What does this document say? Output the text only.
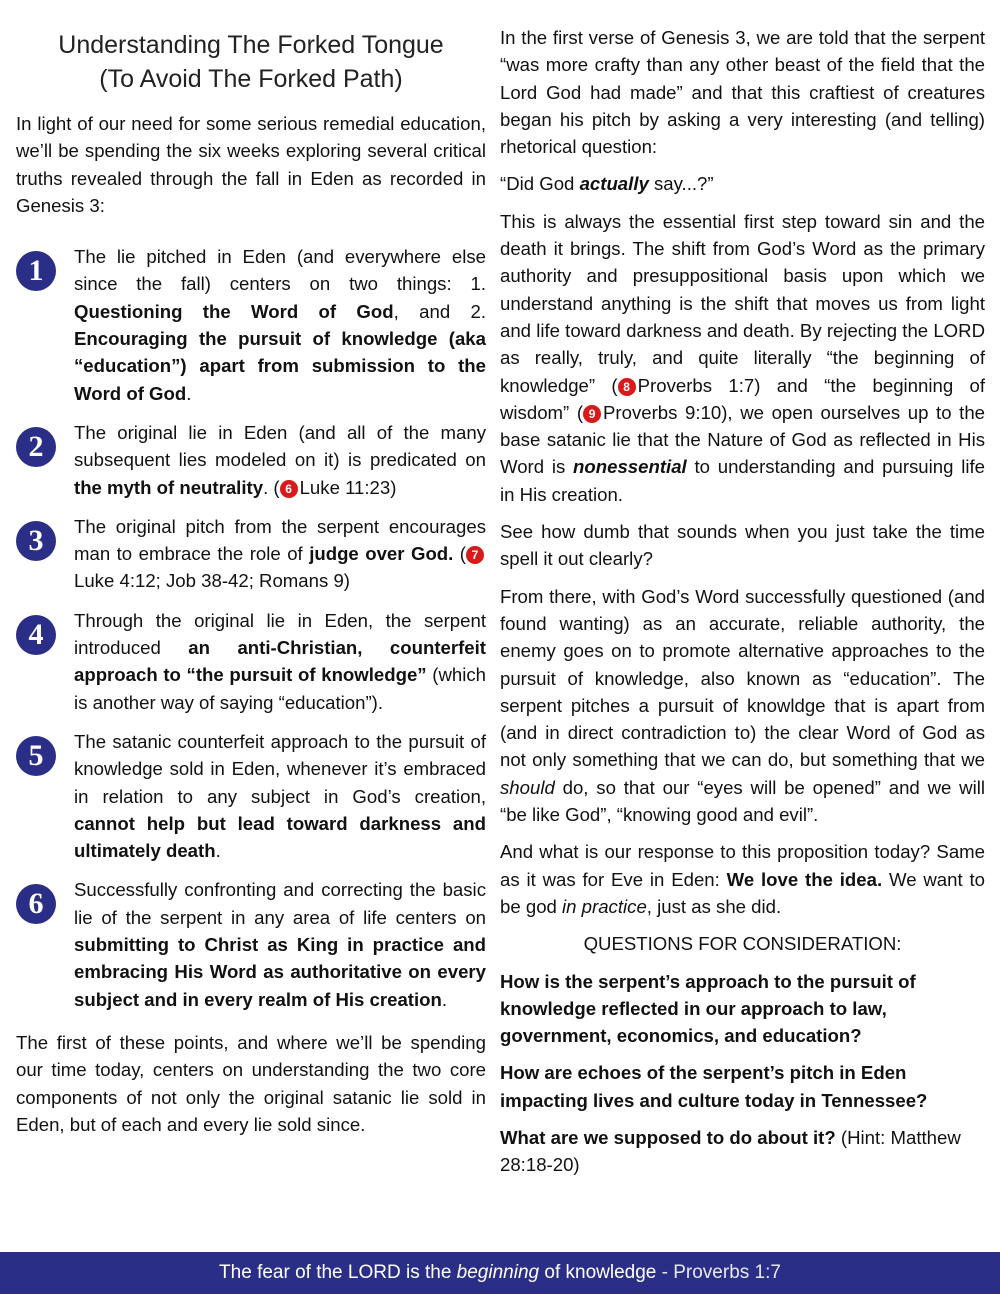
Understanding The Forked Tongue
(To Avoid The Forked Path)

In light of our need for some serious remedial education, we’ll be spending the six weeks exploring several critical truths revealed through the fall in Eden as recorded in Genesis 3:

1	The lie pitched in Eden (and everywhere else since the fall) centers on two things: 1. Questioning the Word of God, and 2. Encouraging the pursuit of knowledge (aka “education”) apart from submission to the Word of God.

2	The original lie in Eden (and all of the many subsequent lies modeled on it) is predicated on the myth of neutrality. ( 6 Luke 11:23)

3	The original pitch from the serpent encourages man to embrace the role of judge over God. ( 7Luke 4:12; Job 38-42; Romans 9)

4	Through the original lie in Eden, the serpent introduced an anti-Christian, counterfeit approach to “the pursuit of knowledge” (which is another way of saying “education”).

5	The satanic counterfeit approach to the pursuit of knowledge sold in Eden, whenever it’s embraced in relation to any subject in God’s creation, cannot help but lead toward darkness and ultimately death.

6	Successfully confronting and correcting the basic lie of the serpent in any area of life centers on submitting to Christ as King in practice and embracing His Word as authoritative on every subject and in every realm of His creation.

The first of these points, and where we’ll be spending our time today, centers on understanding the two core components of not only the original satanic lie sold in Eden, but of each and every lie sold since.

In the first verse of Genesis 3, we are told that the serpent “was more crafty than any other beast of the field that the Lord God had made” and that this craftiest of creatures began his pitch by asking a very interesting (and telling) rhetorical question:

“Did God actually say...?”

This is always the essential first step toward sin and the death it brings. The shift from God’s Word as the primary authority and presuppositional basis upon which we understand anything is the shift that moves us from light and life toward darkness and death. By rejecting the LORD as really, truly, and quite literally “the beginning of knowledge” ( 8 Proverbs 1:7) and “the beginning of wisdom” ( 9 Proverbs 9:10), we open ourselves up to the base satanic lie that the Nature of God as reflected in His Word is nonessential to understanding and pursuing life in His creation.

See how dumb that sounds when you just take the time spell it out clearly?

From there, with God’s Word successfully questioned (and found wanting) as an accurate, reliable authority, the enemy goes on to promote alternative approaches to the pursuit of knowledge, also known as “education”. The serpent pitches a pursuit of knowldge that is apart from (and in direct contradiction to) the clear Word of God as not only something that we can do, but something that we should do, so that our “eyes will be opened” and we will “be like God”, “knowing good and evil”.

And what is our response to this proposition today? Same as it was for Eve in Eden: We love the idea. We want to be god in practice, just as she did.

QUESTIONS FOR CONSIDERATION:

How is the serpent’s approach to the pursuit of knowledge reflected in our approach to law, government, economics, and education?

How are echoes of the serpent’s pitch in Eden impacting lives and culture today in Tennessee?

What are we supposed to do about it? (Hint: Matthew 28:18-20)

The fear of the LORD is the beginning of knowledge - Proverbs 1:7
